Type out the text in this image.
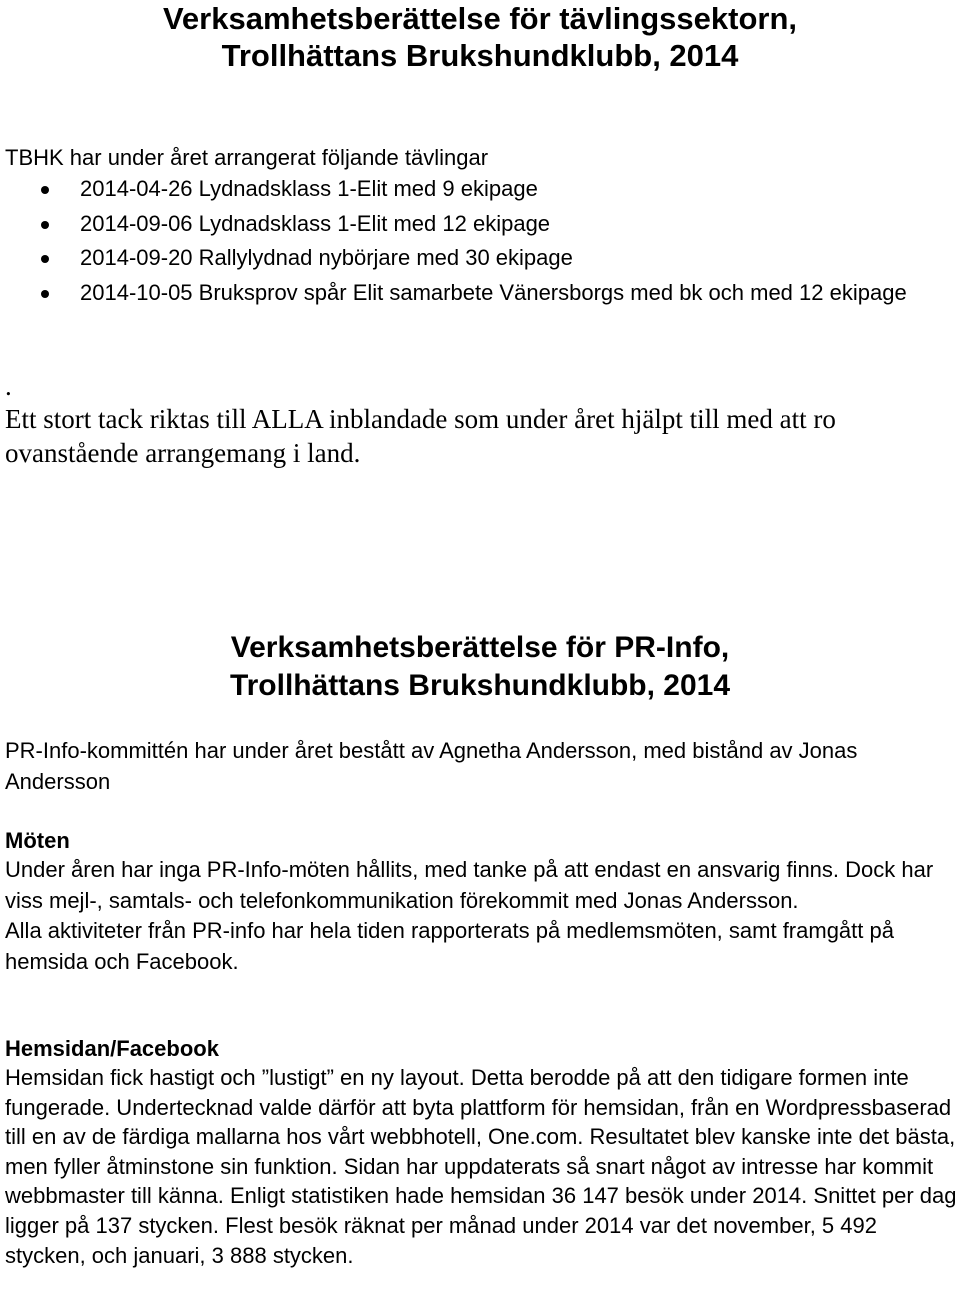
Verksamhetsberättelse för tävlingssektorn,
Trollhättans Brukshundklubb, 2014

TBHK har under året arrangerat följande tävlingar

2014-04-26 Lydnadsklass 1-Elit med 9 ekipage
2014-09-06 Lydnadsklass 1-Elit med 12 ekipage
2014-09-20 Rallylydnad nybörjare med 30 ekipage
2014-10-05 Bruksprov spår Elit samarbete Vänersborgs med bk och med 12 ekipage

.

Ett stort tack riktas till ALLA inblandade som under året hjälpt till med att ro ovanstående arrangemang i land.

Verksamhetsberättelse för PR-Info,
Trollhättans Brukshundklubb, 2014

PR-Info-kommittén har under året bestått av Agnetha Andersson, med bistånd av Jonas Andersson

Möten

Under åren har inga PR-Info-möten hållits, med tanke på att endast en ansvarig finns. Dock har viss mejl-, samtals- och telefonkommunikation förekommit med Jonas Andersson.

Alla aktiviteter från PR-info har hela tiden rapporterats på medlemsmöten, samt framgått på hemsida och Facebook.

Hemsidan/Facebook

Hemsidan fick hastigt och ”lustigt” en ny layout. Detta berodde på att den tidigare formen inte fungerade. Undertecknad valde därför att byta plattform för hemsidan, från en Wordpressbaserad till en av de färdiga mallarna hos vårt webbhotell, One.com. Resultatet blev kanske inte det bästa, men fyller åtminstone sin funktion. Sidan har uppdaterats så snart något av intresse har kommit webbmaster till känna. Enligt statistiken hade hemsidan 36 147 besök under 2014. Snittet per dag ligger på 137 stycken. Flest besök räknat per månad under 2014 var det november, 5 492 stycken, och januari, 3 888 stycken.
